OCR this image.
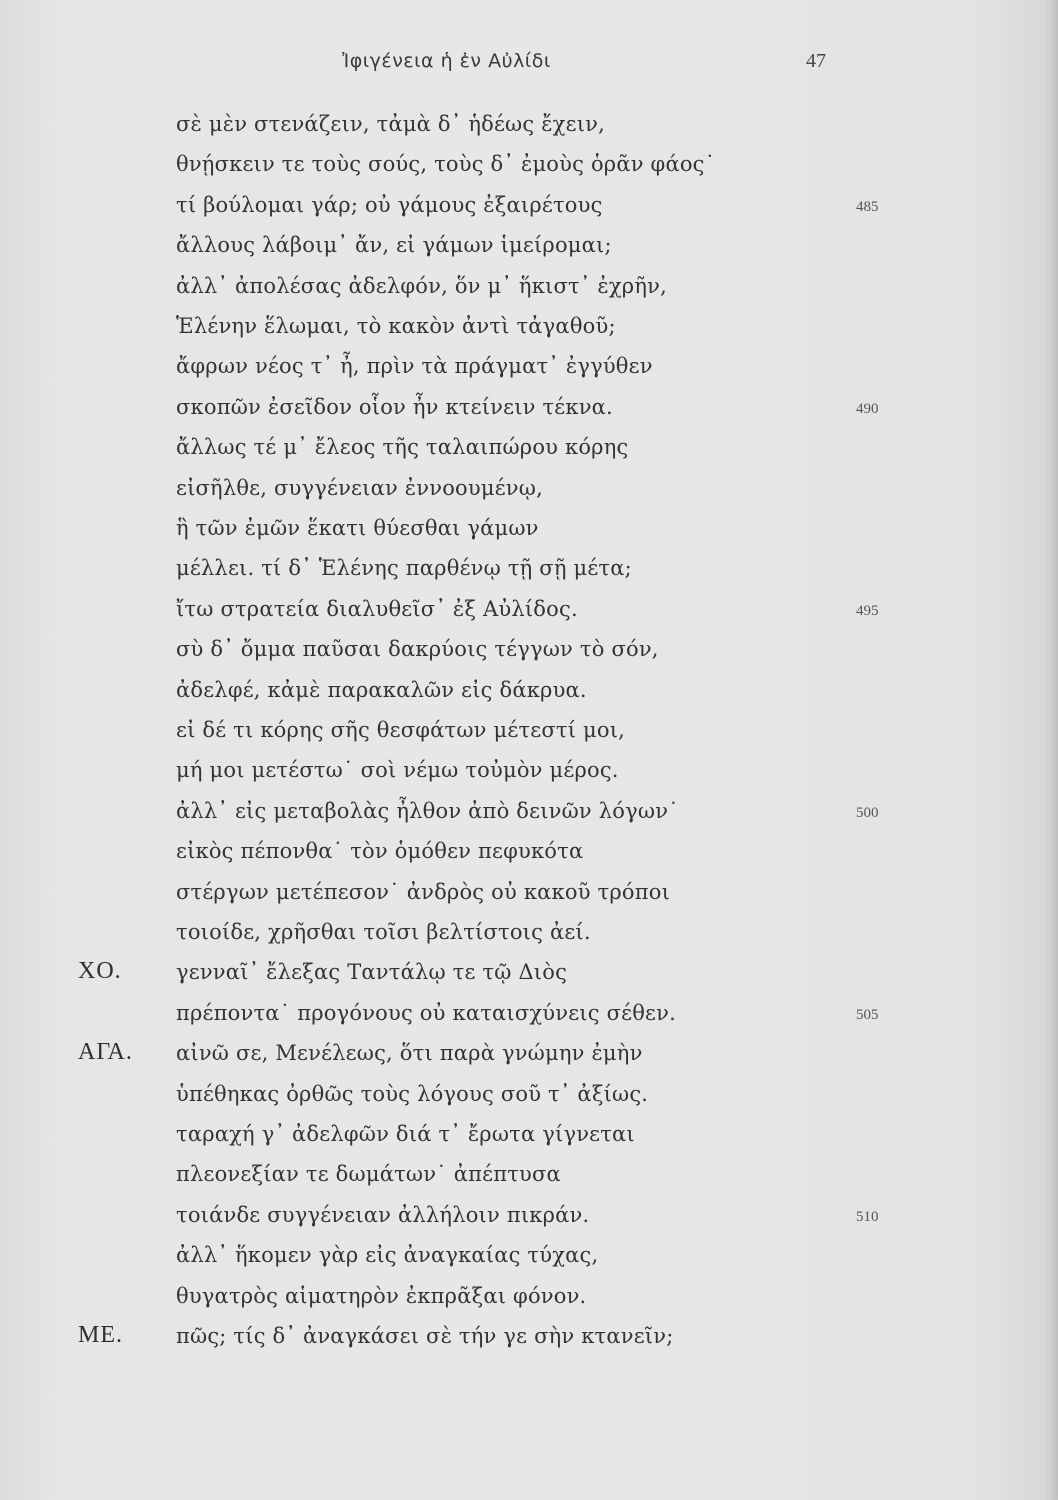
Ἰφιγένεια ἡ ἐν Αὐλίδι	47
σὲ μὲν στενάζειν, τἀμὰ δ᾽ ἡδέως ἔχειν,
θνῄσκειν τε τοὺς σούς, τοὺς δ᾽ ἐμοὺς ὁρᾶν φάος˙
τί βούλομαι γάρ; οὐ γάμους ἐξαιρέτους	485
ἄλλους λάβοιμ᾽ ἄν, εἰ γάμων ἱμείρομαι;
ἀλλ᾽ ἀπολέσας ἀδελφόν, ὅν μ᾽ ἥκιστ᾽ ἐχρῆν,
Ἑλένην ἕλωμαι, τὸ κακὸν ἀντὶ τἀγαθοῦ;
ἄφρων νέος τ᾽ ἦ, πρὶν τὰ πράγματ᾽ ἐγγύθεν
σκοπῶν ἐσεῖδον οἷον ἦν κτείνειν τέκνα.	490
ἄλλως τέ μ᾽ ἔλεος τῆς ταλαιπώρου κόρης
εἰσῆλθε, συγγένειαν ἐννοουμένῳ,
ἣ τῶν ἐμῶν ἕκατι θύεσθαι γάμων
μέλλει. τί δ᾽ Ἑλένης παρθένῳ τῇ σῇ μέτα;
ἴτω στρατεία διαλυθεῖσ᾽ ἐξ Αὐλίδος.	495
σὺ δ᾽ ὄμμα παῦσαι δακρύοις τέγγων τὸ σόν,
ἀδελφέ, κἀμὲ παρακαλῶν εἰς δάκρυα.
εἰ δέ τι κόρης σῆς θεσφάτων μέτεστί μοι,
μή μοι μετέστω˙ σοὶ νέμω τοὐμὸν μέρος.
ἀλλ᾽ εἰς μεταβολὰς ἦλθον ἀπὸ δεινῶν λόγων˙	500
εἰκὸς πέπονθα˙ τὸν ὁμόθεν πεφυκότα
στέργων μετέπεσον˙ ἀνδρὸς οὐ κακοῦ τρόποι
τοιοίδε, χρῆσθαι τοῖσι βελτίστοις ἀεί.
ΧΟ.	γενναῖ᾽ ἔλεξας Ταντάλῳ τε τῷ Διὸς
πρέποντα˙ προγόνους οὐ καταισχύνεις σέθεν.	505
ΑΓΑ. αἰνῶ σε, Μενέλεως, ὅτι παρὰ γνώμην ἐμὴν
ὑπέθηκας ὀρθῶς τοὺς λόγους σοῦ τ᾽ ἀξίως.
ταραχή γ᾽ ἀδελφῶν διά τ᾽ ἔρωτα γίγνεται
πλεονεξίαν τε δωμάτων˙ ἀπέπτυσα
τοιάνδε συγγένειαν ἀλλήλοιν πικράν.	510
ἀλλ᾽ ἥκομεν γὰρ εἰς ἀναγκαίας τύχας,
θυγατρὸς αἱματηρὸν ἐκπρᾶξαι φόνον.
ΜΕ.	πῶς; τίς δ᾽ ἀναγκάσει σὲ τήν γε σὴν κτανεῖν;
